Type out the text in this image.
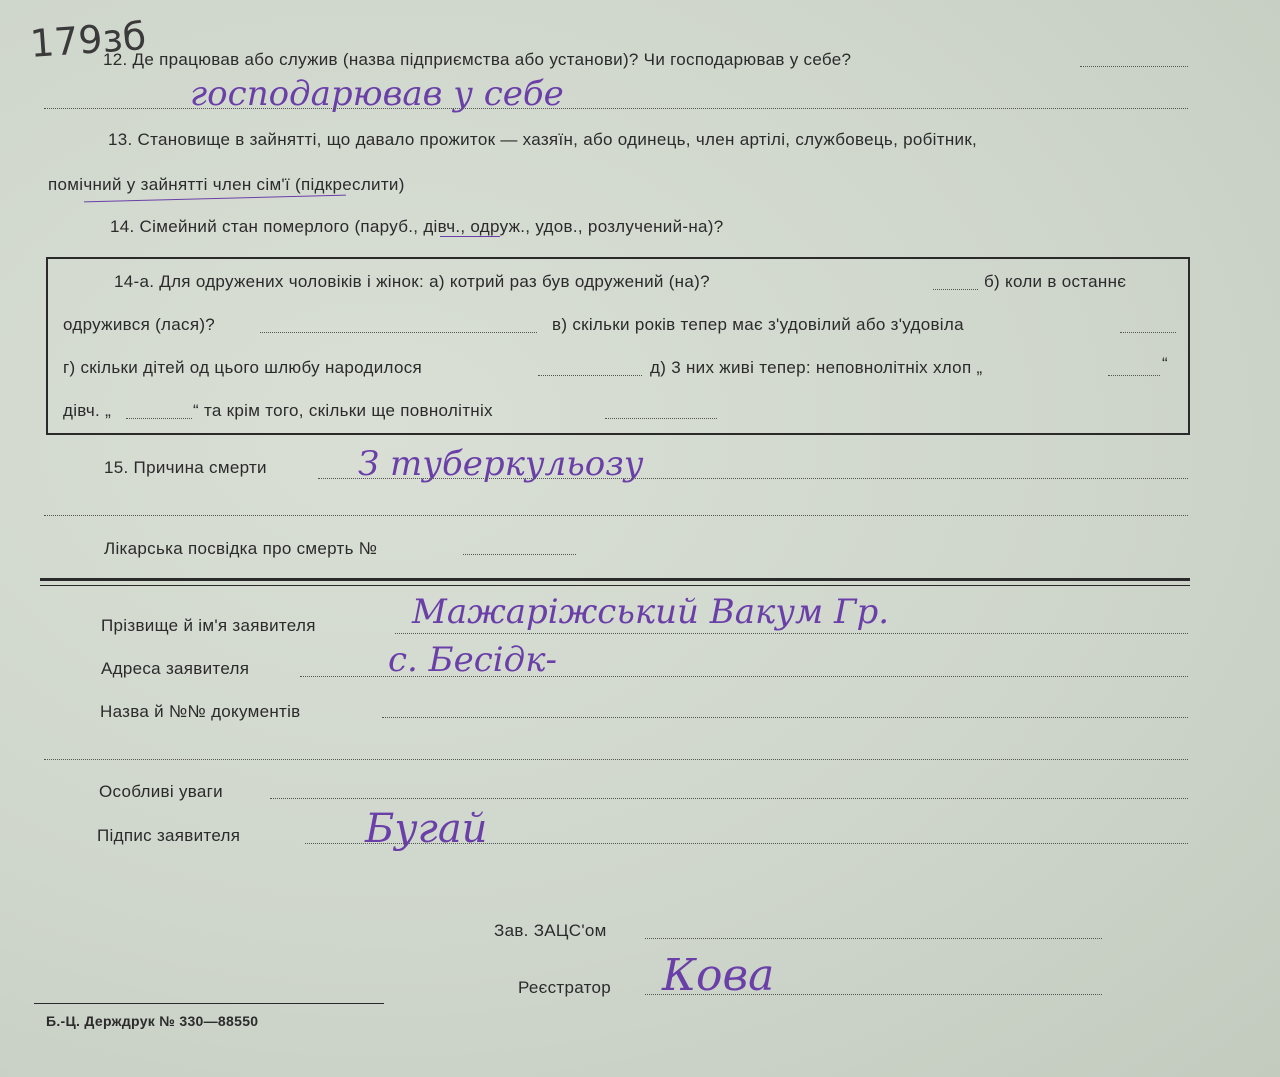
179зб
12. Де працював або служив (назва підприємства або установи)? Чи господарював у себе?
господарював у себе
13. Становище в зайнятті, що давало прожиток — хазяїн, або одинець, член артілі, службовець, робітник,
помічний у зайнятті член сім'ї (підкреслити)
14. Сімейний стан померлого (паруб., дівч., одруж., удов., розлучений-на)?
14-а. Для одружених чоловіків і жінок: а) котрий раз був одружений (на)?	б) коли в останнє
одружився (лася)?	в) скільки років тепер має з'удовілий або з'удовіла
г) скільки дітей од цього шлюбу народилося	д) 3 них живі тепер: неповнолітніх хлоп „	“
дівч. „	“ та крім того, скільки ще повнолітніх
15. Причина смерти	З туберкульозу
Лікарська посвідка про смерть №
Прізвище й ім'я заявителя	Мажаріжський Вакум Гр.
Адреса заявителя	с. Бесідк-
Назва й №№ документів
Особливі уваги
Підпис заявителя	Бугай
Зав. ЗАЦС'ом
Реєстратор Кова
Б.-Ц. Держдрук № 330—88550
